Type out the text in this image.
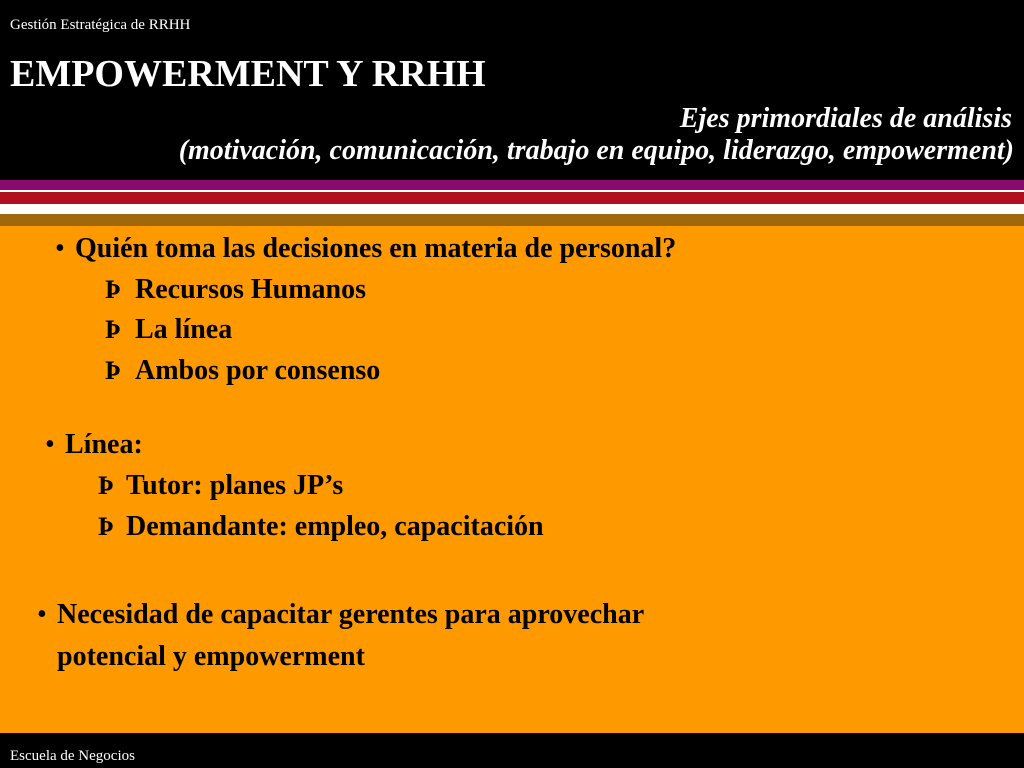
Gestión Estratégica de RRHH
EMPOWERMENT Y RRHH
Ejes primordiales de análisis
(motivación, comunicación, trabajo en equipo, liderazgo, empowerment)
• Quién toma las decisiones en materia de personal?
Þ Recursos Humanos
Þ La línea
Þ Ambos por consenso
• Línea:
Þ Tutor: planes JP’s
Þ Demandante: empleo, capacitación
• Necesidad de capacitar gerentes para aprovechar
potencial y empowerment
Escuela de Negocios
